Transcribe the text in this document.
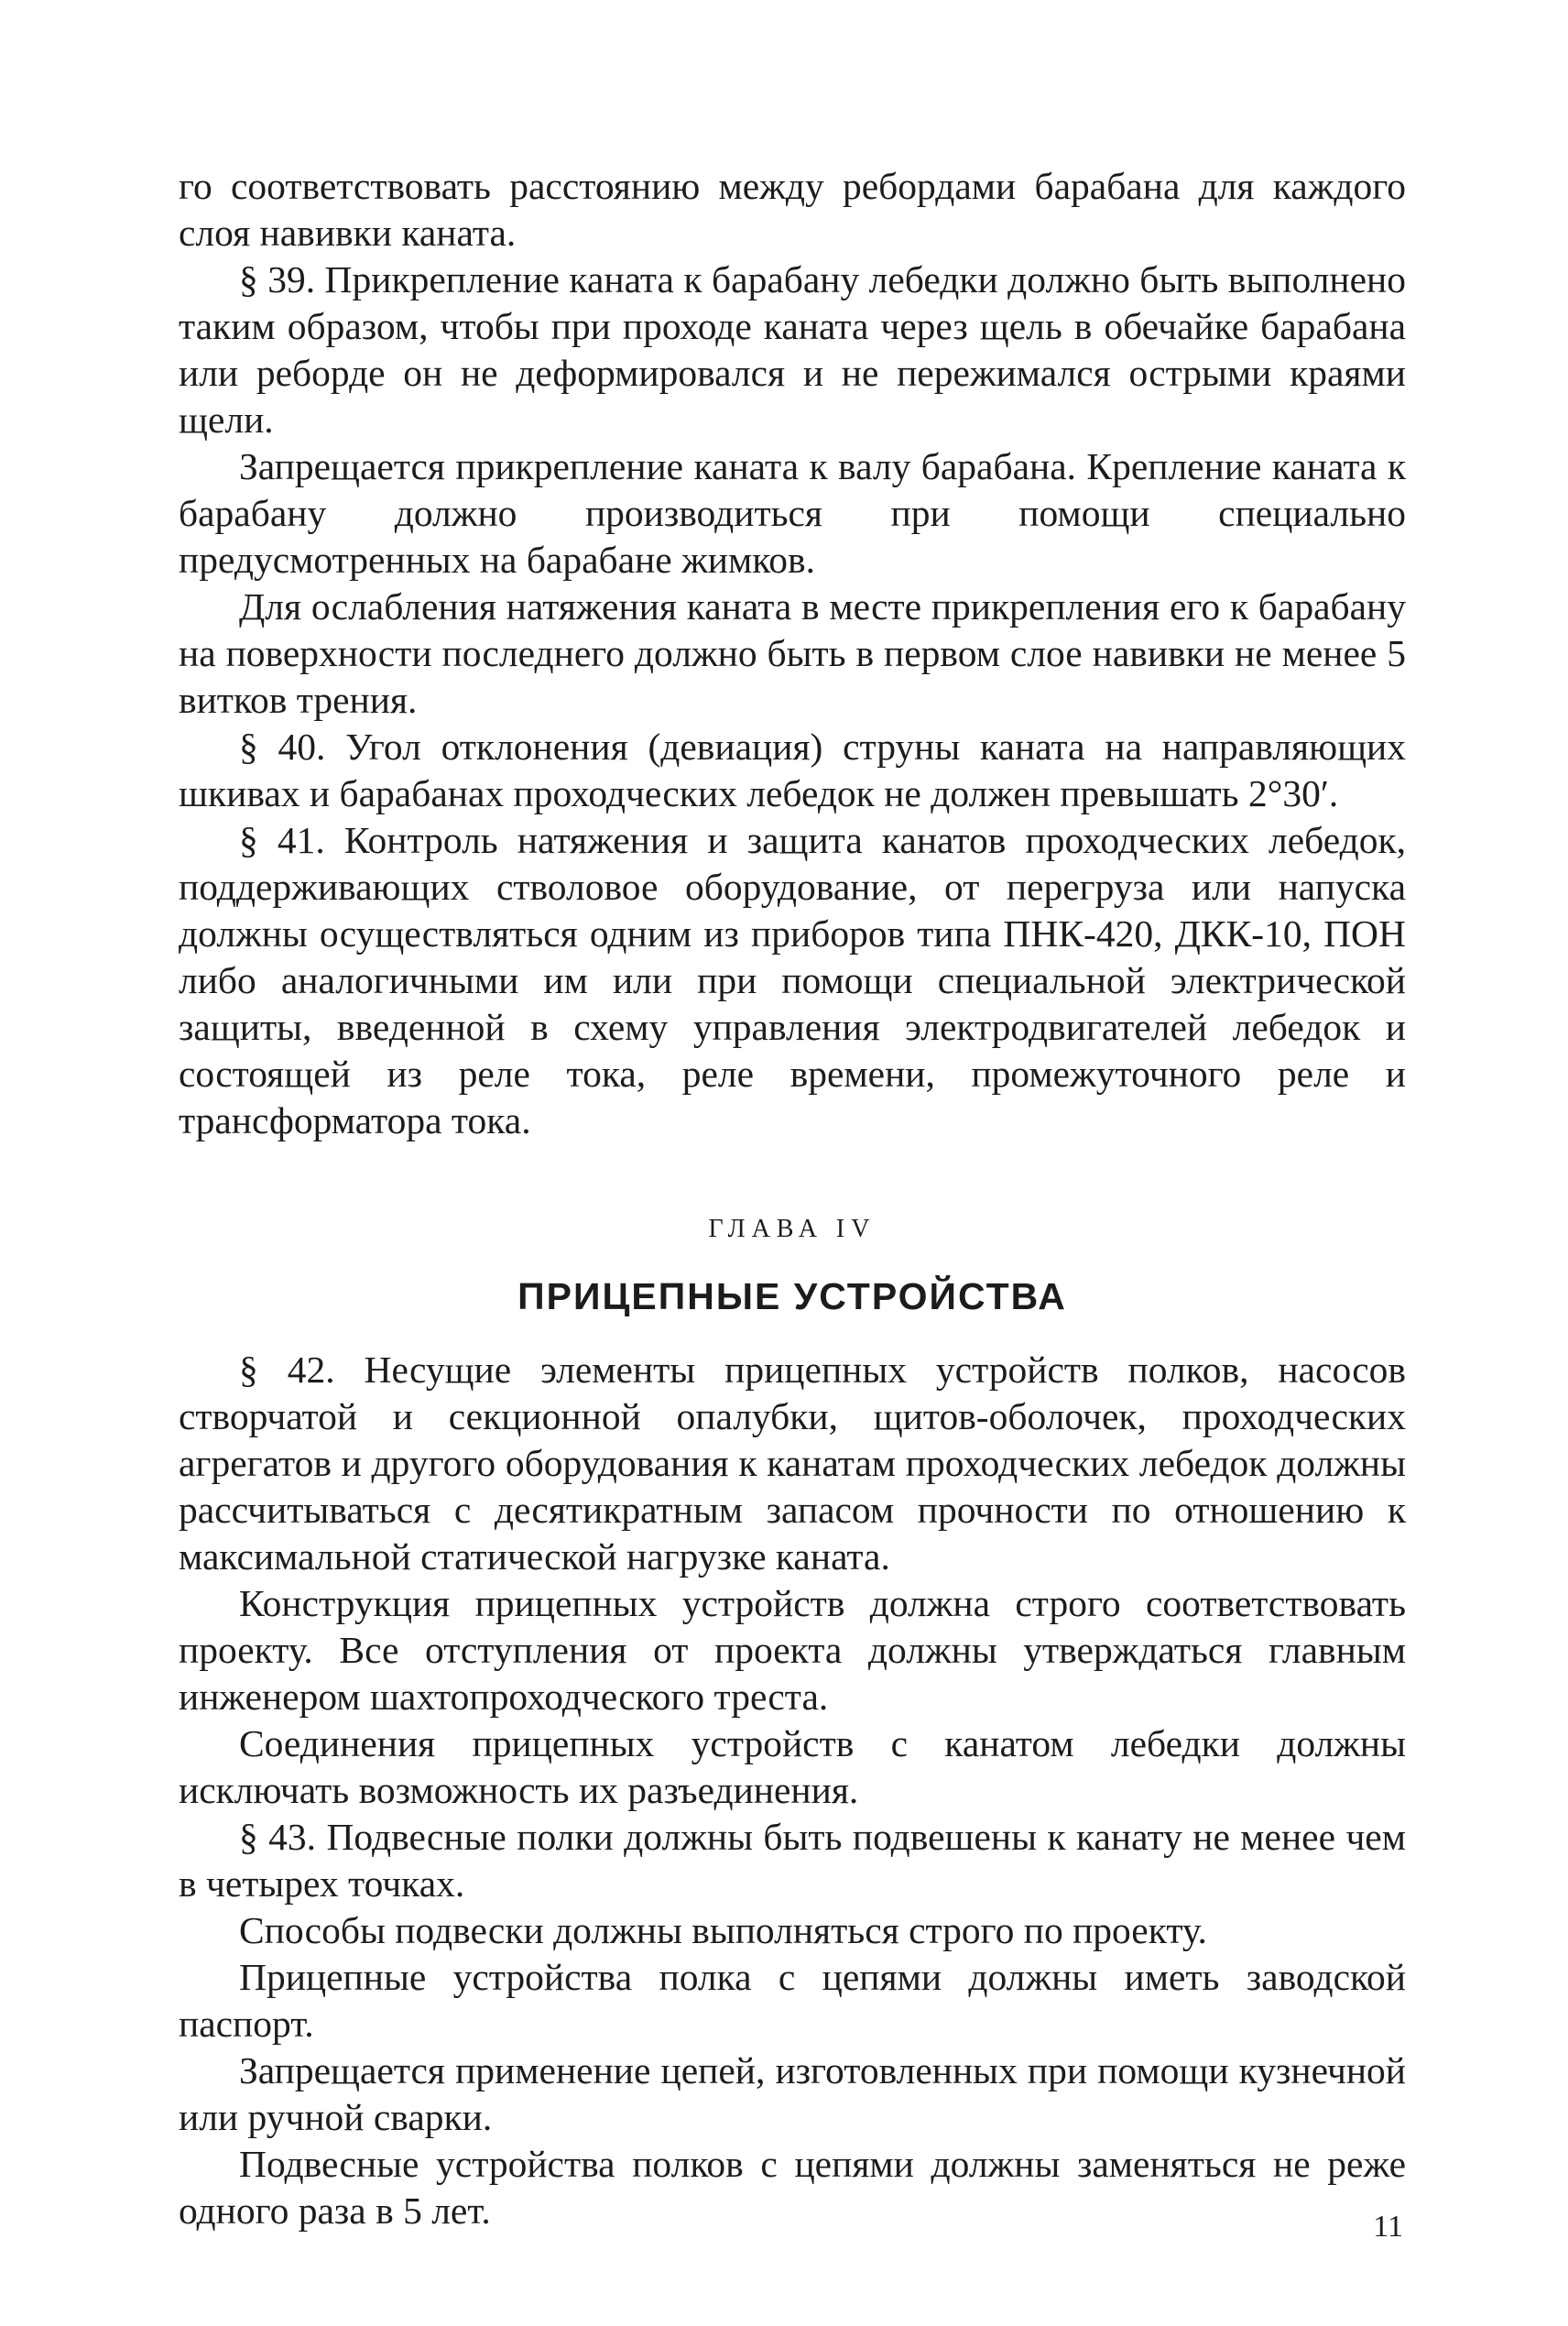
го соответствовать расстоянию между ребордами барабана для каждого слоя навивки каната.

§ 39. Прикрепление каната к барабану лебедки должно быть выполнено таким образом, чтобы при проходе каната через щель в обечайке барабана или реборде он не деформировался и не пережимался острыми краями щели.

Запрещается прикрепление каната к валу барабана. Крепление каната к барабану должно производиться при помощи специально предусмотренных на барабане жимков.

Для ослабления натяжения каната в месте прикрепления его к барабану на поверхности последнего должно быть в первом слое навивки не менее 5 витков трения.

§ 40. Угол отклонения (девиация) струны каната на направляющих шкивах и барабанах проходческих лебедок не должен превышать 2°30′.

§ 41. Контроль натяжения и защита канатов проходческих лебедок, поддерживающих стволовое оборудование, от перегруза или напуска должны осуществляться одним из приборов типа ПНК-420, ДКК-10, ПОН либо аналогичными им или при помощи специальной электрической защиты, введенной в схему управления электродвигателей лебедок и состоящей из реле тока, реле времени, промежуточного реле и трансформатора тока.

ГЛАВА IV

ПРИЦЕПНЫЕ УСТРОЙСТВА

§ 42. Несущие элементы прицепных устройств полков, насосов створчатой и секционной опалубки, щитов-оболочек, проходческих агрегатов и другого оборудования к канатам проходческих лебедок должны рассчитываться с десятикратным запасом прочности по отношению к максимальной статической нагрузке каната.

Конструкция прицепных устройств должна строго соответствовать проекту. Все отступления от проекта должны утверждаться главным инженером шахтопроходческого треста.

Соединения прицепных устройств с канатом лебедки должны исключать возможность их разъединения.

§ 43. Подвесные полки должны быть подвешены к канату не менее чем в четырех точках.

Способы подвески должны выполняться строго по проекту.

Прицепные устройства полка с цепями должны иметь заводской паспорт.

Запрещается применение цепей, изготовленных при помощи кузнечной или ручной сварки.

Подвесные устройства полков с цепями должны заменяться не реже одного раза в 5 лет.	11
